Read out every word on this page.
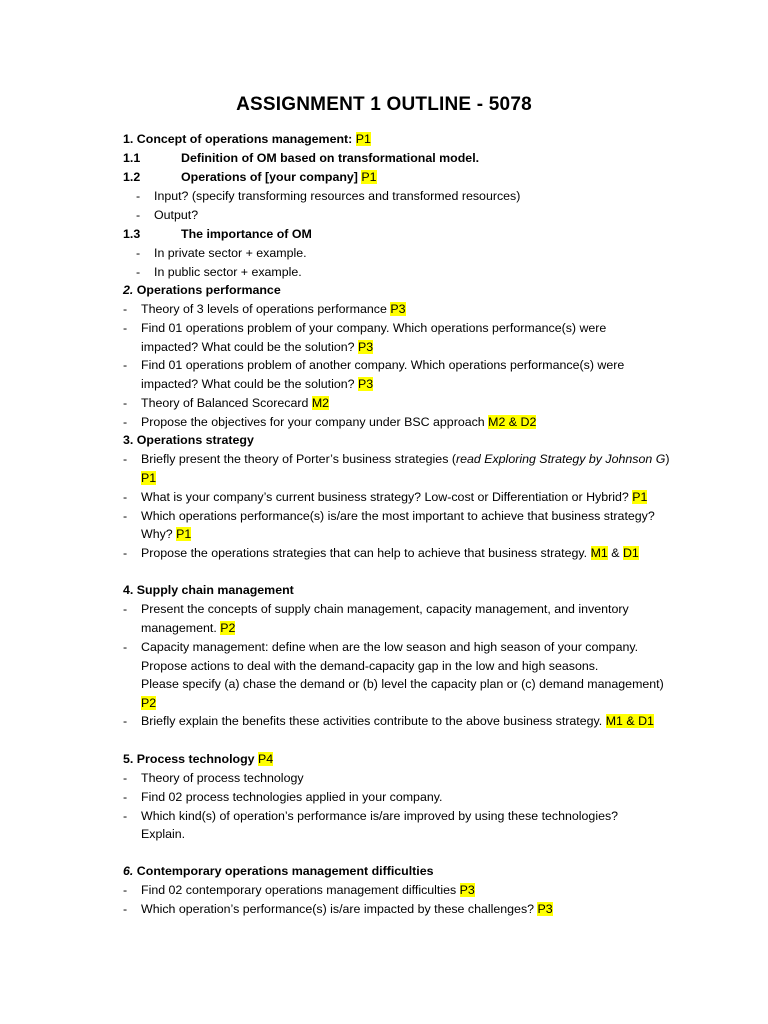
ASSIGNMENT 1 OUTLINE - 5078
1. Concept of operations management: P1
1.1	Definition of OM based on transformational model.
1.2	Operations of [your company] P1
- Input? (specify transforming resources and transformed resources)
- Output?
1.3	The importance of OM
- In private sector + example.
- In public sector + example.
2. Operations performance
- Theory of 3 levels of operations performance P3
- Find 01 operations problem of your company. Which operations performance(s) were
impacted? What could be the solution? P3
- Find 01 operations problem of another company. Which operations performance(s) were
impacted? What could be the solution? P3
- Theory of Balanced Scorecard M2
- Propose the objectives for your company under BSC approach M2 & D2
3. Operations strategy
- Briefly present the theory of Porter’s business strategies (read Exploring Strategy by Johnson G)
P1
- What is your company’s current business strategy? Low-cost or Differentiation or Hybrid? P1
- Which operations performance(s) is/are the most important to achieve that business strategy?
Why? P1
- Propose the operations strategies that can help to achieve that business strategy. M1 & D1
4. Supply chain management
- Present the concepts of supply chain management, capacity management, and inventory
management. P2
- Capacity management: define when are the low season and high season of your company.
Propose actions to deal with the demand-capacity gap in the low and high seasons.
Please specify (a) chase the demand or (b) level the capacity plan or (c) demand management)
P2
- Briefly explain the benefits these activities contribute to the above business strategy. M1 & D1
5. Process technology P4
- Theory of process technology
- Find 02 process technologies applied in your company.
- Which kind(s) of operation’s performance is/are improved by using these technologies?
Explain.
6. Contemporary operations management difficulties
- Find 02 contemporary operations management difficulties P3
- Which operation’s performance(s) is/are impacted by these challenges? P3
